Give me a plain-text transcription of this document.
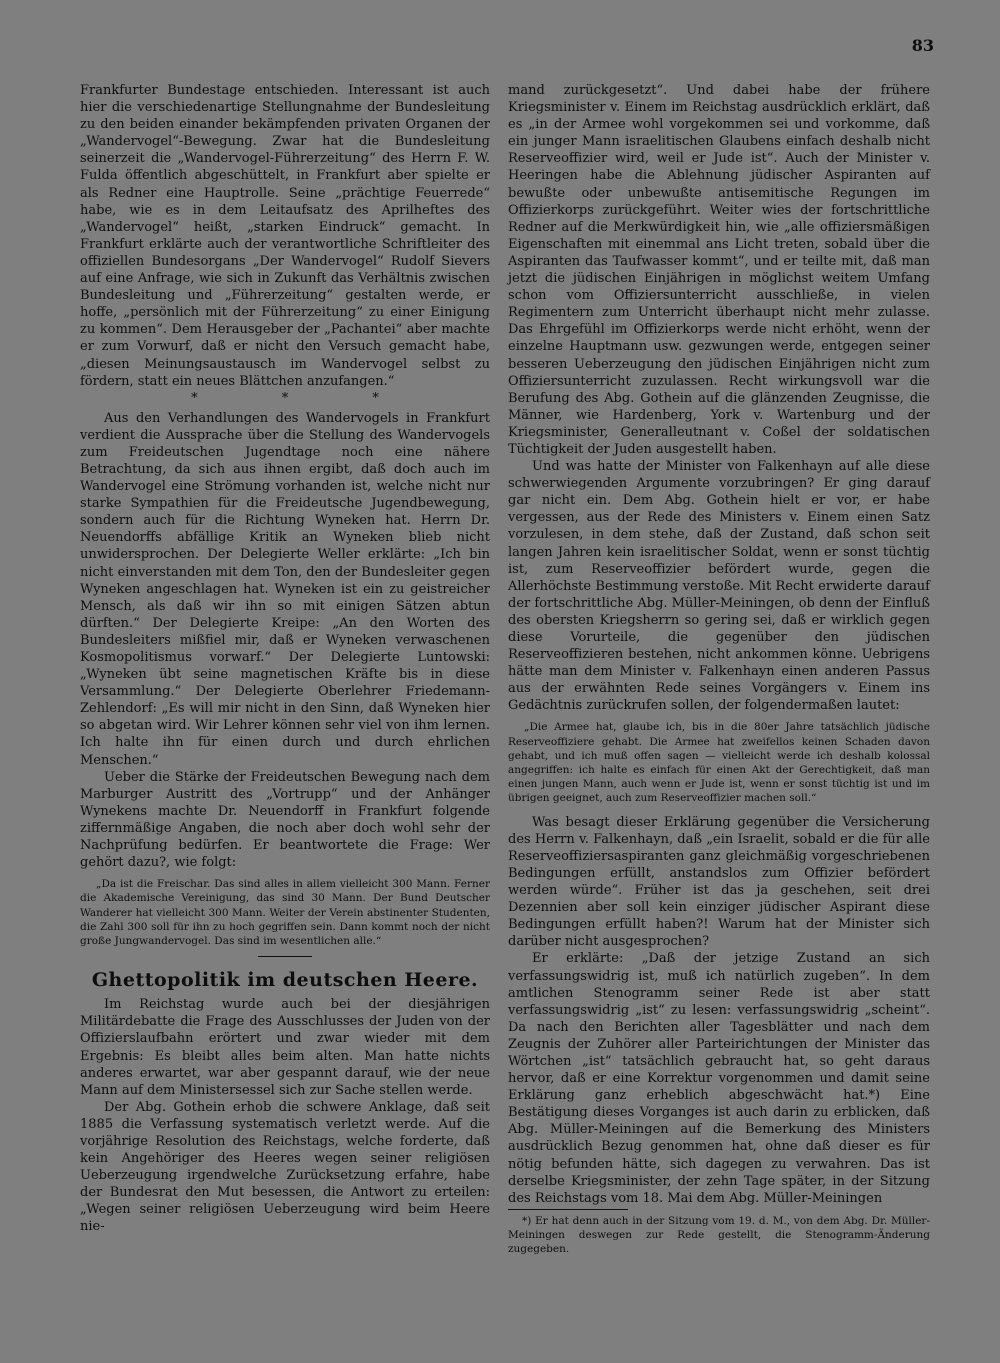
83

Frankfurter Bundestage entschieden. Interessant ist auch hier die verschiedenartige Stellungnahme der Bundesleitung zu den beiden einander bekämpfenden privaten Organen der „Wandervogel“-Bewegung. Zwar hat die Bundesleitung seinerzeit die „Wandervogel-Führerzeitung“ des Herrn F. W. Fulda öffentlich abgeschüttelt, in Frankfurt aber spielte er als Redner eine Hauptrolle. Seine „prächtige Feuerrede“ habe, wie es in dem Leitaufsatz des Aprilheftes des „Wandervogel“ heißt, „starken Eindruck“ gemacht. In Frankfurt erklärte auch der verantwortliche Schriftleiter des offiziellen Bundesorgans „Der Wandervogel“ Rudolf Sievers auf eine Anfrage, wie sich in Zukunft das Verhältnis zwischen Bundesleitung und „Führerzeitung“ gestalten werde, er hoffe, „persönlich mit der Führerzeitung“ zu einer Einigung zu kommen“. Dem Herausgeber der „Pachantei“ aber machte er zum Vorwurf, daß er nicht den Versuch gemacht habe, „diesen Meinungsaustausch im Wandervogel selbst zu fördern, statt ein neues Blättchen anzufangen.“

* * *

Aus den Verhandlungen des Wandervogels in Frankfurt verdient die Aussprache über die Stellung des Wandervogels zum Freideutschen Jugendtage noch eine nähere Betrachtung, da sich aus ihnen ergibt, daß doch auch im Wandervogel eine Strömung vorhanden ist, welche nicht nur starke Sympathien für die Freideutsche Jugendbewegung, sondern auch für die Richtung Wyneken hat. Herrn Dr. Neuendorffs abfällige Kritik an Wyneken blieb nicht unwidersprochen. Der Delegierte Weller erklärte: „Ich bin nicht einverstanden mit dem Ton, den der Bundesleiter gegen Wyneken angeschlagen hat. Wyneken ist ein zu geistreicher Mensch, als daß wir ihn so mit einigen Sätzen abtun dürften.“ Der Delegierte Kreipe: „An den Worten des Bundesleiters mißfiel mir, daß er Wyneken verwaschenen Kosmopolitismus vorwarf.“ Der Delegierte Luntowski: „Wyneken übt seine magnetischen Kräfte bis in diese Versammlung.“ Der Delegierte Oberlehrer Friedemann-Zehlendorf: „Es will mir nicht in den Sinn, daß Wyneken hier so abgetan wird. Wir Lehrer können sehr viel von ihm lernen. Ich halte ihn für einen durch und durch ehrlichen Menschen.“

Ueber die Stärke der Freideutschen Bewegung nach dem Marburger Austritt des „Vortrupp“ und der Anhänger Wynekens machte Dr. Neuendorff in Frankfurt folgende ziffernmäßige Angaben, die noch aber doch wohl sehr der Nachprüfung bedürfen. Er beantwortete die Frage: Wer gehört dazu?, wie folgt:

„Da ist die Freischar. Das sind alles in allem vielleicht 300 Mann. Ferner die Akademische Vereinigung, das sind 30 Mann. Der Bund Deutscher Wanderer hat vielleicht 300 Mann. Weiter der Verein abstinenter Studenten, die Zahl 300 soll für ihn zu hoch gegriffen sein. Dann kommt noch der nicht große Jungwandervogel. Das sind im wesentlichen alle.“

Ghettopolitik im deutschen Heere.

Im Reichstag wurde auch bei der diesjährigen Militärdebatte die Frage des Ausschlusses der Juden von der Offizierslaufbahn erörtert und zwar wieder mit dem Ergebnis: Es bleibt alles beim alten. Man hatte nichts anderes erwartet, war aber gespannt darauf, wie der neue Mann auf dem Ministersessel sich zur Sache stellen werde.

Der Abg. Gothein erhob die schwere Anklage, daß seit 1885 die Verfassung systematisch verletzt werde. Auf die vorjährige Resolution des Reichstags, welche forderte, daß kein Angehöriger des Heeres wegen seiner religiösen Ueberzeugung irgendwelche Zurücksetzung erfahre, habe der Bundesrat den Mut besessen, die Antwort zu erteilen: „Wegen seiner religiösen Ueberzeugung wird beim Heere nie-

mand zurückgesetzt“. Und dabei habe der frühere Kriegsminister v. Einem im Reichstag ausdrücklich erklärt, daß es „in der Armee wohl vorgekommen sei und vorkomme, daß ein junger Mann israelitischen Glaubens einfach deshalb nicht Reserveoffizier wird, weil er Jude ist“. Auch der Minister v. Heeringen habe die Ablehnung jüdischer Aspiranten auf bewußte oder unbewußte antisemitische Regungen im Offizierkorps zurückgeführt. Weiter wies der fortschrittliche Redner auf die Merkwürdigkeit hin, wie „alle offiziersmäßigen Eigenschaften mit einemmal ans Licht treten, sobald über die Aspiranten das Taufwasser kommt“, und er teilte mit, daß man jetzt die jüdischen Einjährigen in möglichst weitem Umfang schon vom Offiziersunterricht ausschließe, in vielen Regimentern zum Unterricht überhaupt nicht mehr zulasse. Das Ehrgefühl im Offizierkorps werde nicht erhöht, wenn der einzelne Hauptmann usw. gezwungen werde, entgegen seiner besseren Ueberzeugung den jüdischen Einjährigen nicht zum Offiziersunterricht zuzulassen. Recht wirkungsvoll war die Berufung des Abg. Gothein auf die glänzenden Zeugnisse, die Männer, wie Hardenberg, York v. Wartenburg und der Kriegsminister, Generalleutnant v. Coßel der soldatischen Tüchtigkeit der Juden ausgestellt haben.

Und was hatte der Minister von Falkenhayn auf alle diese schwerwiegenden Argumente vorzubringen? Er ging darauf gar nicht ein. Dem Abg. Gothein hielt er vor, er habe vergessen, aus der Rede des Ministers v. Einem einen Satz vorzulesen, in dem stehe, daß der Zustand, daß schon seit langen Jahren kein israelitischer Soldat, wenn er sonst tüchtig ist, zum Reserveoffizier befördert wurde, gegen die Allerhöchste Bestimmung verstoße. Mit Recht erwiderte darauf der fortschrittliche Abg. Müller-Meiningen, ob denn der Einfluß des obersten Kriegsherrn so gering sei, daß er wirklich gegen diese Vorurteile, die gegenüber den jüdischen Reserveoffizieren bestehen, nicht ankommen könne. Uebrigens hätte man dem Minister v. Falkenhayn einen anderen Passus aus der erwähnten Rede seines Vorgängers v. Einem ins Gedächtnis zurückrufen sollen, der folgendermaßen lautet:

„Die Armee hat, glaube ich, bis in die 80er Jahre tatsächlich jüdische Reserveoffiziere gehabt. Die Armee hat zweifellos keinen Schaden davon gehabt, und ich muß offen sagen — vielleicht werde ich deshalb kolossal angegriffen: ich halte es einfach für einen Akt der Gerechtigkeit, daß man einen jungen Mann, auch wenn er Jude ist, wenn er sonst tüchtig ist und im übrigen geeignet, auch zum Reserveoffizier machen soll.“

Was besagt dieser Erklärung gegenüber die Versicherung des Herrn v. Falkenhayn, daß „ein Israelit, sobald er die für alle Reserveoffiziersaspiranten ganz gleichmäßig vorgeschriebenen Bedingungen erfüllt, anstandslos zum Offizier befördert werden würde“. Früher ist das ja geschehen, seit drei Dezennien aber soll kein einziger jüdischer Aspirant diese Bedingungen erfüllt haben?! Warum hat der Minister sich darüber nicht ausgesprochen?

Er erklärte: „Daß der jetzige Zustand an sich verfassungswidrig ist, muß ich natürlich zugeben“. In dem amtlichen Stenogramm seiner Rede ist aber statt verfassungswidrig „ist“ zu lesen: verfassungswidrig „scheint“. Da nach den Berichten aller Tagesblätter und nach dem Zeugnis der Zuhörer aller Parteirichtungen der Minister das Wörtchen „ist“ tatsächlich gebraucht hat, so geht daraus hervor, daß er eine Korrektur vorgenommen und damit seine Erklärung ganz erheblich abgeschwächt hat.*) Eine Bestätigung dieses Vorganges ist auch darin zu erblicken, daß Abg. Müller-Meiningen auf die Bemerkung des Ministers ausdrücklich Bezug genommen hat, ohne daß dieser es für nötig befunden hätte, sich dagegen zu verwahren. Das ist derselbe Kriegsminister, der zehn Tage später, in der Sitzung des Reichstags vom 18. Mai dem Abg. Müller-Meiningen

*) Er hat denn auch in der Sitzung vom 19. d. M., von dem Abg. Dr. Müller-Meiningen deswegen zur Rede gestellt, die Stenogramm-Änderung zugegeben.
